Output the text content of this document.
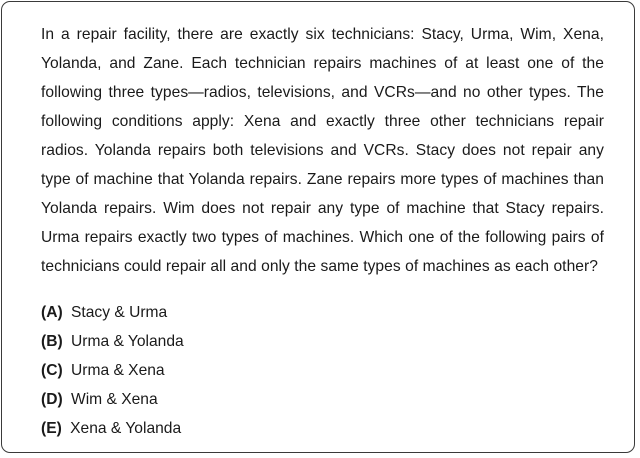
In a repair facility, there are exactly six technicians: Stacy, Urma, Wim, Xena, Yolanda, and Zane. Each technician repairs machines of at least one of the following three types—radios, televisions, and VCRs—and no other types. The following conditions apply: Xena and exactly three other technicians repair radios. Yolanda repairs both televisions and VCRs. Stacy does not repair any type of machine that Yolanda repairs. Zane repairs more types of machines than Yolanda repairs. Wim does not repair any type of machine that Stacy repairs. Urma repairs exactly two types of machines. Which one of the following pairs of technicians could repair all and only the same types of machines as each other?

(A) Stacy & Urma
(B) Urma & Yolanda
(C) Urma & Xena
(D) Wim & Xena
(E) Xena & Yolanda
